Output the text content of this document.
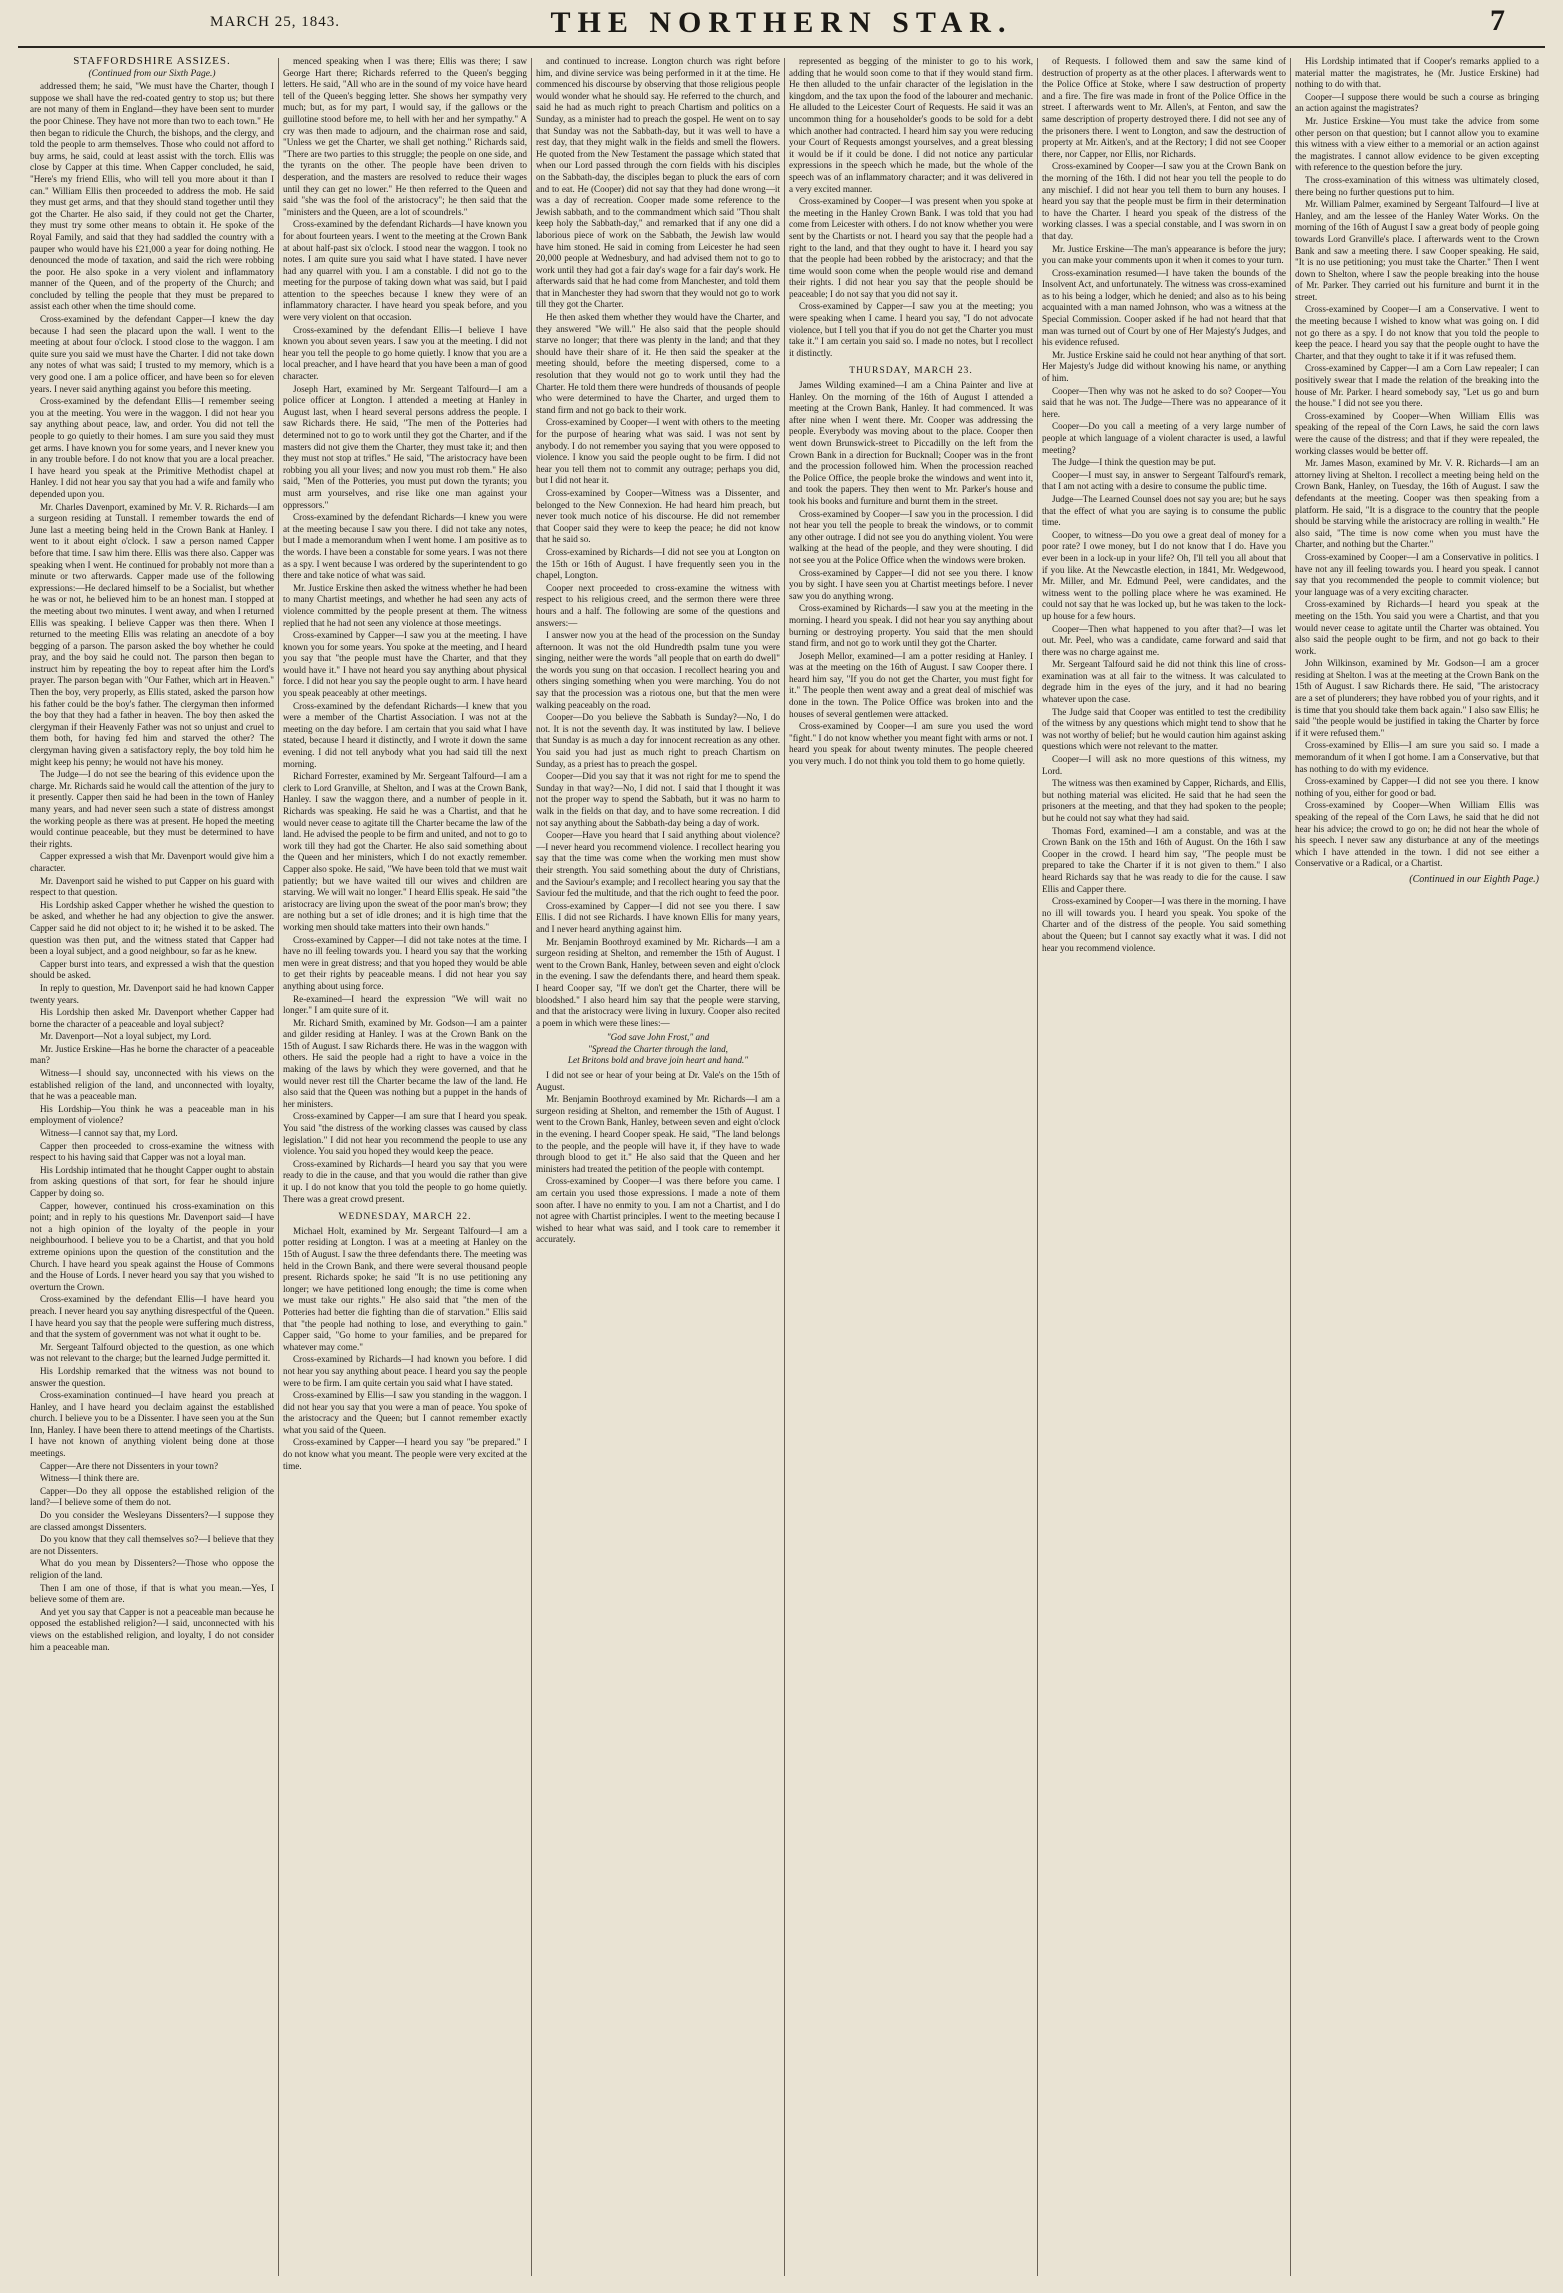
MARCH 25, 1843.	THE NORTHERN STAR.	7

STAFFORDSHIRE ASSIZES.

(Continued from our Sixth Page.)

addressed them; he said, "We must have the Charter, though I suppose we shall have the red-coated gentry to stop us; but there are not many of them in England—they have been sent to murder the poor Chinese. They have not more than two to each town." He then began to ridicule the Church, the bishops, and the clergy, and told the people to arm themselves. Those who could not afford to buy arms, he said, could at least assist with the torch. Ellis was close by Capper at this time. When Capper concluded, he said, "Here's my friend Ellis, who will tell you more about it than I can." William Ellis then proceeded to address the mob. He said they must get arms, and that they should stand together until they got the Charter. He also said, if they could not get the Charter, they must try some other means to obtain it. He spoke of the Royal Family, and said that they had saddled the country with a pauper who would have his £21,000 a year for doing nothing. He denounced the mode of taxation, and said the rich were robbing the poor. He also spoke in a very violent and inflammatory manner of the Queen, and of the property of the Church; and concluded by telling the people that they must be prepared to assist each other when the time should come.

Cross-examined by the defendant Capper—I knew the day because I had seen the placard upon the wall. I went to the meeting at about four o'clock. I stood close to the waggon. I am quite sure you said we must have the Charter. I did not take down any notes of what was said; I trusted to my memory, which is a very good one. I am a police officer, and have been so for eleven years. I never said anything against you before this meeting.

Cross-examined by the defendant Ellis—I remember seeing you at the meeting. You were in the waggon. I did not hear you say anything about peace, law, and order. You did not tell the people to go quietly to their homes. I am sure you said they must get arms. I have known you for some years, and I never knew you in any trouble before. I do not know that you are a local preacher. I have heard you speak at the Primitive Methodist chapel at Hanley. I did not hear you say that you had a wife and family who depended upon you.

Mr. Charles Davenport, examined by Mr. V. R. Richards—I am a surgeon residing at Tunstall. I remember towards the end of June last a meeting being held in the Crown Bank at Hanley. I went to it about eight o'clock. I saw a person named Capper before that time. I saw him there. Ellis was there also. Capper was speaking when I went. He continued for probably not more than a minute or two afterwards. Capper made use of the following expressions:—He declared himself to be a Socialist, but whether he was or not, he believed him to be an honest man. I stopped at the meeting about two minutes. I went away, and when I returned Ellis was speaking. I believe Capper was then there. When I returned to the meeting Ellis was relating an anecdote of a boy begging of a parson. The parson asked the boy whether he could pray, and the boy said he could not. The parson then began to instruct him by repeating the boy to repeat after him the Lord's prayer. The parson began with "Our Father, which art in Heaven." Then the boy, very properly, as Ellis stated, asked the parson how his father could be the boy's father. The clergyman then informed the boy that they had a father in heaven. The boy then asked the clergyman if their Heavenly Father was not so unjust and cruel to them both, for having fed him and starved the other? The clergyman having given a satisfactory reply, the boy told him he might keep his penny; he would not have his money.

The Judge—I do not see the bearing of this evidence upon the charge. Mr. Richards said he would call the attention of the jury to it presently. Capper then said he had been in the town of Hanley many years, and had never seen such a state of distress amongst the working people as there was at present. He hoped the meeting would continue peaceable, but they must be determined to have their rights.

Capper expressed a wish that Mr. Davenport would give him a character.

Mr. Davenport said he wished to put Capper on his guard with respect to that question.

His Lordship asked Capper whether he wished the question to be asked, and whether he had any objection to give the answer. Capper said he did not object to it; he wished it to be asked. The question was then put, and the witness stated that Capper had been a loyal subject, and a good neighbour, so far as he knew.

Capper burst into tears, and expressed a wish that the question should be asked.

In reply to question, Mr. Davenport said he had known Capper twenty years.

His Lordship then asked Mr. Davenport whether Capper had borne the character of a peaceable and loyal subject?

Mr. Davenport—Not a loyal subject, my Lord.

Mr. Justice Erskine—Has he borne the character of a peaceable man?

Witness—I should say, unconnected with his views on the established religion of the land, and unconnected with loyalty, that he was a peaceable man.

His Lordship—You think he was a peaceable man in his employment of violence?

Witness—I cannot say that, my Lord.

Capper then proceeded to cross-examine the witness with respect to his having said that Capper was not a loyal man.

His Lordship intimated that he thought Capper ought to abstain from asking questions of that sort, for fear he should injure Capper by doing so.

Capper, however, continued his cross-examination on this point; and in reply to his questions Mr. Davenport said—I have not a high opinion of the loyalty of the people in your neighbourhood. I believe you to be a Chartist, and that you hold extreme opinions upon the question of the constitution and the Church. I have heard you speak against the House of Commons and the House of Lords. I never heard you say that you wished to overturn the Crown.

Cross-examined by the defendant Ellis—I have heard you preach. I never heard you say anything disrespectful of the Queen. I have heard you say that the people were suffering much distress, and that the system of government was not what it ought to be.

Mr. Sergeant Talfourd objected to the question, as one which was not relevant to the charge; but the learned Judge permitted it.

His Lordship remarked that the witness was not bound to answer the question.

Cross-examination continued—I have heard you preach at Hanley, and I have heard you declaim against the established church. I believe you to be a Dissenter. I have seen you at the Sun Inn, Hanley. I have been there to attend meetings of the Chartists. I have not known of anything violent being done at those meetings.

Capper—Are there not Dissenters in your town?

Witness—I think there are.

Capper—Do they all oppose the established religion of the land?—I believe some of them do not.

Do you consider the Wesleyans Dissenters?—I suppose they are classed amongst Dissenters.

Do you know that they call themselves so?—I believe that they are not Dissenters.

What do you mean by Dissenters?—Those who oppose the religion of the land.

Then I am one of those, if that is what you mean.—Yes, I believe some of them are.

And yet you say that Capper is not a peaceable man because he opposed the established religion?—I said, unconnected with his views on the established religion, and loyalty, I do not consider him a peaceable man.

menced speaking when I was there; Ellis was there; I saw George Hart there; Richards referred to the Queen's begging letters. He said, "All who are in the sound of my voice have heard tell of the Queen's begging letter. She shows her sympathy very much; but, as for my part, I would say, if the gallows or the guillotine stood before me, to hell with her and her sympathy." A cry was then made to adjourn, and the chairman rose and said, "Unless we get the Charter, we shall get nothing." Richards said, "There are two parties to this struggle; the people on one side, and the tyrants on the other. The people have been driven to desperation, and the masters are resolved to reduce their wages until they can get no lower." He then referred to the Queen and said "she was the fool of the aristocracy"; he then said that the "ministers and the Queen, are a lot of scoundrels."

Cross-examined by the defendant Richards—I have known you for about fourteen years. I went to the meeting at the Crown Bank at about half-past six o'clock. I stood near the waggon. I took no notes. I am quite sure you said what I have stated. I have never had any quarrel with you. I am a constable. I did not go to the meeting for the purpose of taking down what was said, but I paid attention to the speeches because I knew they were of an inflammatory character. I have heard you speak before, and you were very violent on that occasion.

Cross-examined by the defendant Ellis—I believe I have known you about seven years. I saw you at the meeting. I did not hear you tell the people to go home quietly. I know that you are a local preacher, and I have heard that you have been a man of good character.

Joseph Hart, examined by Mr. Sergeant Talfourd—I am a police officer at Longton. I attended a meeting at Hanley in August last, when I heard several persons address the people. I saw Richards there. He said, "The men of the Potteries had determined not to go to work until they got the Charter, and if the masters did not give them the Charter, they must take it; and then they must not stop at trifles." He said, "The aristocracy have been robbing you all your lives; and now you must rob them." He also said, "Men of the Potteries, you must put down the tyrants; you must arm yourselves, and rise like one man against your oppressors."

Cross-examined by the defendant Richards—I knew you were at the meeting because I saw you there. I did not take any notes, but I made a memorandum when I went home. I am positive as to the words. I have been a constable for some years. I was not there as a spy. I went because I was ordered by the superintendent to go there and take notice of what was said.

Mr. Justice Erskine then asked the witness whether he had been to many Chartist meetings, and whether he had seen any acts of violence committed by the people present at them. The witness replied that he had not seen any violence at those meetings.

Cross-examined by Capper—I saw you at the meeting. I have known you for some years. You spoke at the meeting, and I heard you say that "the people must have the Charter, and that they would have it." I have not heard you say anything about physical force. I did not hear you say the people ought to arm. I have heard you speak peaceably at other meetings.

Cross-examined by the defendant Richards—I knew that you were a member of the Chartist Association. I was not at the meeting on the day before. I am certain that you said what I have stated, because I heard it distinctly, and I wrote it down the same evening. I did not tell anybody what you had said till the next morning.

Richard Forrester, examined by Mr. Sergeant Talfourd—I am a clerk to Lord Granville, at Shelton, and I was at the Crown Bank, Hanley. I saw the waggon there, and a number of people in it. Richards was speaking. He said he was a Chartist, and that he would never cease to agitate till the Charter became the law of the land. He advised the people to be firm and united, and not to go to work till they had got the Charter. He also said something about the Queen and her ministers, which I do not exactly remember. Capper also spoke. He said, "We have been told that we must wait patiently; but we have waited till our wives and children are starving. We will wait no longer." I heard Ellis speak. He said "the aristocracy are living upon the sweat of the poor man's brow; they are nothing but a set of idle drones; and it is high time that the working men should take matters into their own hands."

Cross-examined by Capper—I did not take notes at the time. I have no ill feeling towards you. I heard you say that the working men were in great distress; and that you hoped they would be able to get their rights by peaceable means. I did not hear you say anything about using force.

Re-examined—I heard the expression "We will wait no longer." I am quite sure of it.

Mr. Richard Smith, examined by Mr. Godson—I am a painter and gilder residing at Hanley. I was at the Crown Bank on the 15th of August. I saw Richards there. He was in the waggon with others. He said the people had a right to have a voice in the making of the laws by which they were governed, and that he would never rest till the Charter became the law of the land. He also said that the Queen was nothing but a puppet in the hands of her ministers.

Cross-examined by Capper—I am sure that I heard you speak. You said "the distress of the working classes was caused by class legislation." I did not hear you recommend the people to use any violence. You said you hoped they would keep the peace.

Cross-examined by Richards—I heard you say that you were ready to die in the cause, and that you would die rather than give it up. I do not know that you told the people to go home quietly. There was a great crowd present.

WEDNESDAY, MARCH 22.

Michael Holt, examined by Mr. Sergeant Talfourd—I am a potter residing at Longton. I was at a meeting at Hanley on the 15th of August. I saw the three defendants there. The meeting was held in the Crown Bank, and there were several thousand people present. Richards spoke; he said "It is no use petitioning any longer; we have petitioned long enough; the time is come when we must take our rights." He also said that "the men of the Potteries had better die fighting than die of starvation." Ellis said that "the people had nothing to lose, and everything to gain." Capper said, "Go home to your families, and be prepared for whatever may come."

Cross-examined by Richards—I had known you before. I did not hear you say anything about peace. I heard you say the people were to be firm. I am quite certain you said what I have stated.

Cross-examined by Ellis—I saw you standing in the waggon. I did not hear you say that you were a man of peace. You spoke of the aristocracy and the Queen; but I cannot remember exactly what you said of the Queen.

Cross-examined by Capper—I heard you say "be prepared." I do not know what you meant. The people were very excited at the time.

and continued to increase. Longton church was right before him, and divine service was being performed in it at the time. He commenced his discourse by observing that those religious people would wonder what he should say. He referred to the church, and said he had as much right to preach Chartism and politics on a Sunday, as a minister had to preach the gospel. He went on to say that Sunday was not the Sabbath-day, but it was well to have a rest day, that they might walk in the fields and smell the flowers. He quoted from the New Testament the passage which stated that when our Lord passed through the corn fields with his disciples on the Sabbath-day, the disciples began to pluck the ears of corn and to eat. He (Cooper) did not say that they had done wrong—it was a day of recreation. Cooper made some reference to the Jewish sabbath, and to the commandment which said "Thou shalt keep holy the Sabbath-day," and remarked that if any one did a laborious piece of work on the Sabbath, the Jewish law would have him stoned. He said in coming from Leicester he had seen 20,000 people at Wednesbury, and had advised them not to go to work until they had got a fair day's wage for a fair day's work. He afterwards said that he had come from Manchester, and told them that in Manchester they had sworn that they would not go to work till they got the Charter.

He then asked them whether they would have the Charter, and they answered "We will." He also said that the people should starve no longer; that there was plenty in the land; and that they should have their share of it. He then said the speaker at the meeting should, before the meeting dispersed, come to a resolution that they would not go to work until they had the Charter. He told them there were hundreds of thousands of people who were determined to have the Charter, and urged them to stand firm and not go back to their work.

Cross-examined by Cooper—I went with others to the meeting for the purpose of hearing what was said. I was not sent by anybody. I do not remember you saying that you were opposed to violence. I know you said the people ought to be firm. I did not hear you tell them not to commit any outrage; perhaps you did, but I did not hear it.

Cross-examined by Cooper—Witness was a Dissenter, and belonged to the New Connexion. He had heard him preach, but never took much notice of his discourse. He did not remember that Cooper said they were to keep the peace; he did not know that he said so.

Cross-examined by Richards—I did not see you at Longton on the 15th or 16th of August. I have frequently seen you in the chapel, Longton.

Cooper next proceeded to cross-examine the witness with respect to his religious creed, and the sermon there were three hours and a half. The following are some of the questions and answers:—

I answer now you at the head of the procession on the Sunday afternoon. It was not the old Hundredth psalm tune you were singing, neither were the words "all people that on earth do dwell" the words you sung on that occasion. I recollect hearing you and others singing something when you were marching. You do not say that the procession was a riotous one, but that the men were walking peaceably on the road.

Cooper—Do you believe the Sabbath is Sunday?—No, I do not. It is not the seventh day. It was instituted by law. I believe that Sunday is as much a day for innocent recreation as any other. You said you had just as much right to preach Chartism on Sunday, as a priest has to preach the gospel.

Cooper—Did you say that it was not right for me to spend the Sunday in that way?—No, I did not. I said that I thought it was not the proper way to spend the Sabbath, but it was no harm to walk in the fields on that day, and to have some recreation. I did not say anything about the Sabbath-day being a day of work.

Cooper—Have you heard that I said anything about violence?—I never heard you recommend violence. I recollect hearing you say that the time was come when the working men must show their strength. You said something about the duty of Christians, and the Saviour's example; and I recollect hearing you say that the Saviour fed the multitude, and that the rich ought to feed the poor.

Cross-examined by Capper—I did not see you there. I saw Ellis. I did not see Richards. I have known Ellis for many years, and I never heard anything against him.

Mr. Benjamin Boothroyd examined by Mr. Richards—I am a surgeon residing at Shelton, and remember the 15th of August. I went to the Crown Bank, Hanley, between seven and eight o'clock in the evening. I saw the defendants there, and heard them speak. I heard Cooper say, "If we don't get the Charter, there will be bloodshed." I also heard him say that the people were starving, and that the aristocracy were living in luxury. Cooper also recited a poem in which were these lines:—

"God save John Frost," and
"Spread the Charter through the land,
Let Britons bold and brave join heart and hand."

I did not see or hear of your being at Dr. Vale's on the 15th of August.

Mr. Benjamin Boothroyd examined by Mr. Richards—I am a surgeon residing at Shelton, and remember the 15th of August. I went to the Crown Bank, Hanley, between seven and eight o'clock in the evening. I heard Cooper speak. He said, "The land belongs to the people, and the people will have it, if they have to wade through blood to get it." He also said that the Queen and her ministers had treated the petition of the people with contempt.

Cross-examined by Cooper—I was there before you came. I am certain you used those expressions. I made a note of them soon after. I have no enmity to you. I am not a Chartist, and I do not agree with Chartist principles. I went to the meeting because I wished to hear what was said, and I took care to remember it accurately.

represented as begging of the minister to go to his work, adding that he would soon come to that if they would stand firm. He then alluded to the unfair character of the legislation in the kingdom, and the tax upon the food of the labourer and mechanic. He alluded to the Leicester Court of Requests. He said it was an uncommon thing for a householder's goods to be sold for a debt which another had contracted. I heard him say you were reducing your Court of Requests amongst yourselves, and a great blessing it would be if it could be done. I did not notice any particular expressions in the speech which he made, but the whole of the speech was of an inflammatory character; and it was delivered in a very excited manner.

Cross-examined by Cooper—I was present when you spoke at the meeting in the Hanley Crown Bank. I was told that you had come from Leicester with others. I do not know whether you were sent by the Chartists or not. I heard you say that the people had a right to the land, and that they ought to have it. I heard you say that the people had been robbed by the aristocracy; and that the time would soon come when the people would rise and demand their rights. I did not hear you say that the people should be peaceable; I do not say that you did not say it.

Cross-examined by Capper—I saw you at the meeting; you were speaking when I came. I heard you say, "I do not advocate violence, but I tell you that if you do not get the Charter you must take it." I am certain you said so. I made no notes, but I recollect it distinctly.

THURSDAY, MARCH 23.

James Wilding examined—I am a China Painter and live at Hanley. On the morning of the 16th of August I attended a meeting at the Crown Bank, Hanley. It had commenced. It was after nine when I went there. Mr. Cooper was addressing the people. Everybody was moving about to the place. Cooper then went down Brunswick-street to Piccadilly on the left from the Crown Bank in a direction for Bucknall; Cooper was in the front and the procession followed him. When the procession reached the Police Office, the people broke the windows and went into it, and took the papers. They then went to Mr. Parker's house and took his books and furniture and burnt them in the street.

Cross-examined by Cooper—I saw you in the procession. I did not hear you tell the people to break the windows, or to commit any other outrage. I did not see you do anything violent. You were walking at the head of the people, and they were shouting. I did not see you at the Police Office when the windows were broken.

Cross-examined by Capper—I did not see you there. I know you by sight. I have seen you at Chartist meetings before. I never saw you do anything wrong.

Cross-examined by Richards—I saw you at the meeting in the morning. I heard you speak. I did not hear you say anything about burning or destroying property. You said that the men should stand firm, and not go to work until they got the Charter.

Joseph Mellor, examined—I am a potter residing at Hanley. I was at the meeting on the 16th of August. I saw Cooper there. I heard him say, "If you do not get the Charter, you must fight for it." The people then went away and a great deal of mischief was done in the town. The Police Office was broken into and the houses of several gentlemen were attacked.

Cross-examined by Cooper—I am sure you used the word "fight." I do not know whether you meant fight with arms or not. I heard you speak for about twenty minutes. The people cheered you very much. I do not think you told them to go home quietly.

of Requests. I followed them and saw the same kind of destruction of property as at the other places. I afterwards went to the Police Office at Stoke, where I saw destruction of property and a fire. The fire was made in front of the Police Office in the street. I afterwards went to Mr. Allen's, at Fenton, and saw the same description of property destroyed there. I did not see any of the prisoners there. I went to Longton, and saw the destruction of property at Mr. Aitken's, and at the Rectory; I did not see Cooper there, nor Capper, nor Ellis, nor Richards.

Cross-examined by Cooper—I saw you at the Crown Bank on the morning of the 16th. I did not hear you tell the people to do any mischief. I did not hear you tell them to burn any houses. I heard you say that the people must be firm in their determination to have the Charter. I heard you speak of the distress of the working classes. I was a special constable, and I was sworn in on that day.

Mr. Justice Erskine—The man's appearance is before the jury; you can make your comments upon it when it comes to your turn.

Cross-examination resumed—I have taken the bounds of the Insolvent Act, and unfortunately. The witness was cross-examined as to his being a lodger, which he denied; and also as to his being acquainted with a man named Johnson, who was a witness at the Special Commission. Cooper asked if he had not heard that that man was turned out of Court by one of Her Majesty's Judges, and his evidence refused.

Mr. Justice Erskine said he could not hear anything of that sort. Her Majesty's Judge did without knowing his name, or anything of him.

Cooper—Then why was not he asked to do so? Cooper—You said that he was not. The Judge—There was no appearance of it here.

Cooper—Do you call a meeting of a very large number of people at which language of a violent character is used, a lawful meeting?

The Judge—I think the question may be put.

Cooper—I must say, in answer to Sergeant Talfourd's remark, that I am not acting with a desire to consume the public time.

Judge—The Learned Counsel does not say you are; but he says that the effect of what you are saying is to consume the public time.

Cooper, to witness—Do you owe a great deal of money for a poor rate? I owe money, but I do not know that I do. Have you ever been in a lock-up in your life? Oh, I'll tell you all about that if you like. At the Newcastle election, in 1841, Mr. Wedgewood, Mr. Miller, and Mr. Edmund Peel, were candidates, and the witness went to the polling place where he was examined. He could not say that he was locked up, but he was taken to the lock-up house for a few hours.

Cooper—Then what happened to you after that?—I was let out. Mr. Peel, who was a candidate, came forward and said that there was no charge against me.

Mr. Sergeant Talfourd said he did not think this line of cross-examination was at all fair to the witness. It was calculated to degrade him in the eyes of the jury, and it had no bearing whatever upon the case.

The Judge said that Cooper was entitled to test the credibility of the witness by any questions which might tend to show that he was not worthy of belief; but he would caution him against asking questions which were not relevant to the matter.

Cooper—I will ask no more questions of this witness, my Lord.

The witness was then examined by Capper, Richards, and Ellis, but nothing material was elicited. He said that he had seen the prisoners at the meeting, and that they had spoken to the people; but he could not say what they had said.

Thomas Ford, examined—I am a constable, and was at the Crown Bank on the 15th and 16th of August. On the 16th I saw Cooper in the crowd. I heard him say, "The people must be prepared to take the Charter if it is not given to them." I also heard Richards say that he was ready to die for the cause. I saw Ellis and Capper there.

Cross-examined by Cooper—I was there in the morning. I have no ill will towards you. I heard you speak. You spoke of the Charter and of the distress of the people. You said something about the Queen; but I cannot say exactly what it was. I did not hear you recommend violence.

His Lordship intimated that if Cooper's remarks applied to a material matter the magistrates, he (Mr. Justice Erskine) had nothing to do with that.

Cooper—I suppose there would be such a course as bringing an action against the magistrates?

Mr. Justice Erskine—You must take the advice from some other person on that question; but I cannot allow you to examine this witness with a view either to a memorial or an action against the magistrates. I cannot allow evidence to be given excepting with reference to the question before the jury.

The cross-examination of this witness was ultimately closed, there being no further questions put to him.

Mr. William Palmer, examined by Sergeant Talfourd—I live at Hanley, and am the lessee of the Hanley Water Works. On the morning of the 16th of August I saw a great body of people going towards Lord Granville's place. I afterwards went to the Crown Bank and saw a meeting there. I saw Cooper speaking. He said, "It is no use petitioning; you must take the Charter." Then I went down to Shelton, where I saw the people breaking into the house of Mr. Parker. They carried out his furniture and burnt it in the street.

Cross-examined by Cooper—I am a Conservative. I went to the meeting because I wished to know what was going on. I did not go there as a spy. I do not know that you told the people to keep the peace. I heard you say that the people ought to have the Charter, and that they ought to take it if it was refused them.

Cross-examined by Capper—I am a Corn Law repealer; I can positively swear that I made the relation of the breaking into the house of Mr. Parker. I heard somebody say, "Let us go and burn the house." I did not see you there.

Cross-examined by Cooper—When William Ellis was speaking of the repeal of the Corn Laws, he said the corn laws were the cause of the distress; and that if they were repealed, the working classes would be better off.

Mr. James Mason, examined by Mr. V. R. Richards—I am an attorney living at Shelton. I recollect a meeting being held on the Crown Bank, Hanley, on Tuesday, the 16th of August. I saw the defendants at the meeting. Cooper was then speaking from a platform. He said, "It is a disgrace to the country that the people should be starving while the aristocracy are rolling in wealth." He also said, "The time is now come when you must have the Charter, and nothing but the Charter."

Cross-examined by Cooper—I am a Conservative in politics. I have not any ill feeling towards you. I heard you speak. I cannot say that you recommended the people to commit violence; but your language was of a very exciting character.

Cross-examined by Richards—I heard you speak at the meeting on the 15th. You said you were a Chartist, and that you would never cease to agitate until the Charter was obtained. You also said the people ought to be firm, and not go back to their work.

John Wilkinson, examined by Mr. Godson—I am a grocer residing at Shelton. I was at the meeting at the Crown Bank on the 15th of August. I saw Richards there. He said, "The aristocracy are a set of plunderers; they have robbed you of your rights, and it is time that you should take them back again." I also saw Ellis; he said "the people would be justified in taking the Charter by force if it were refused them."

Cross-examined by Ellis—I am sure you said so. I made a memorandum of it when I got home. I am a Conservative, but that has nothing to do with my evidence.

Cross-examined by Capper—I did not see you there. I know nothing of you, either for good or bad.

Cross-examined by Cooper—When William Ellis was speaking of the repeal of the Corn Laws, he said that he did not hear his advice; the crowd to go on; he did not hear the whole of his speech. I never saw any disturbance at any of the meetings which I have attended in the town. I did not see either a Conservative or a Radical, or a Chartist.

(Continued in our Eighth Page.)
